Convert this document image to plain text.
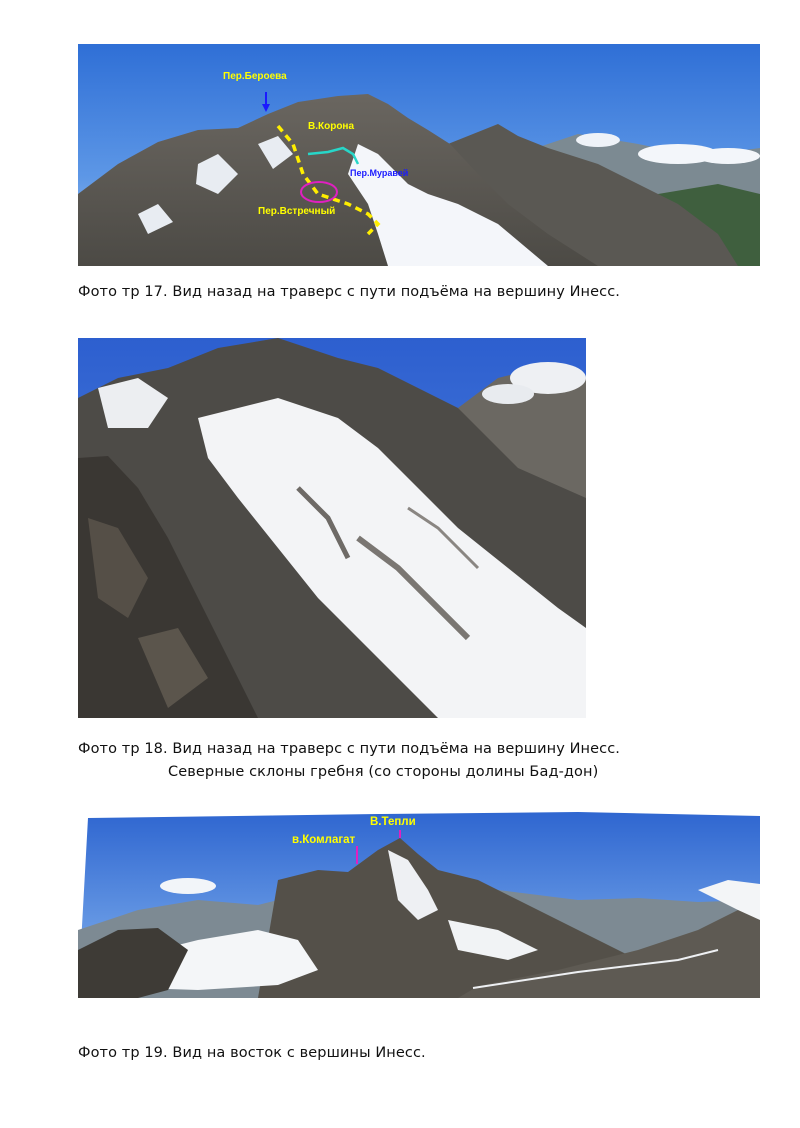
Пер.Бероева
В.Корона
Пер.Муравей
Пер.Встречный
Фото тр 17. Вид назад на траверс с пути подъёма на вершину Инесс.
Фото тр 18. Вид назад на траверс с пути подъёма на вершину Инесс.
Северные склоны гребня (со стороны долины Бад-дон)
В.Тепли
в.Комлагат
Фото тр 19. Вид на восток с вершины Инесс.
